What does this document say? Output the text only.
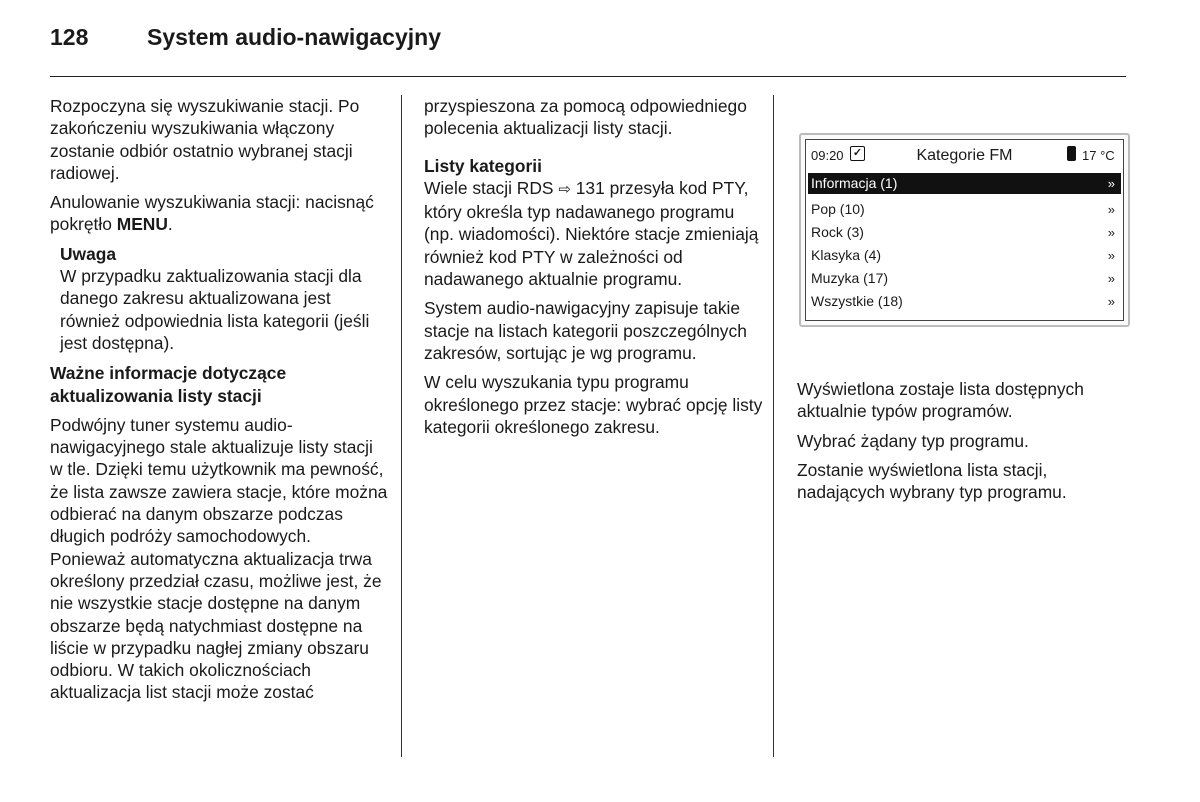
128	System audio-nawigacyjny

Rozpoczyna się wyszukiwanie stacji. Po zakończeniu wyszukiwania włączony zostanie odbiór ostatnio wybranej stacji radiowej.

Anulowanie wyszukiwania stacji: nacisnąć pokrętło MENU.

Uwaga
W przypadku zaktualizowania stacji dla danego zakresu aktualizowana jest również odpowiednia lista kategorii (jeśli jest dostępna).

Ważne informacje dotyczące aktualizowania listy stacji

Podwójny tuner systemu audio-nawigacyjnego stale aktualizuje listy stacji w tle. Dzięki temu użytkownik ma pewność, że lista zawsze zawiera stacje, które można odbierać na danym obszarze podczas długich podróży samochodowych. Ponieważ automatyczna aktualizacja trwa określony przedział czasu, możliwe jest, że nie wszystkie stacje dostępne na danym obszarze będą natychmiast dostępne na liście w przypadku nagłej zmiany obszaru odbioru. W takich okolicznościach aktualizacja list stacji może zostać

przyspieszona za pomocą odpowiedniego polecenia aktualizacji listy stacji.

Listy kategorii

Wiele stacji RDS ⇨ 131 przesyła kod PTY, który określa typ nadawanego programu (np. wiadomości). Niektóre stacje zmieniają również kod PTY w zależności od nadawanego aktualnie programu.

System audio-nawigacyjny zapisuje takie stacje na listach kategorii poszczególnych zakresów, sortując je wg programu.

W celu wyszukania typu programu określonego przez stacje: wybrać opcję listy kategorii określonego zakresu.

09:20 ✓	Kategorie FM	17 °C
Informacja (1)	»
Pop (10)	»
Rock (3)	»
Klasyka (4)	»
Muzyka (17)	»
Wszystkie (18)	»

Wyświetlona zostaje lista dostępnych aktualnie typów programów.

Wybrać żądany typ programu.

Zostanie wyświetlona lista stacji, nadających wybrany typ programu.
